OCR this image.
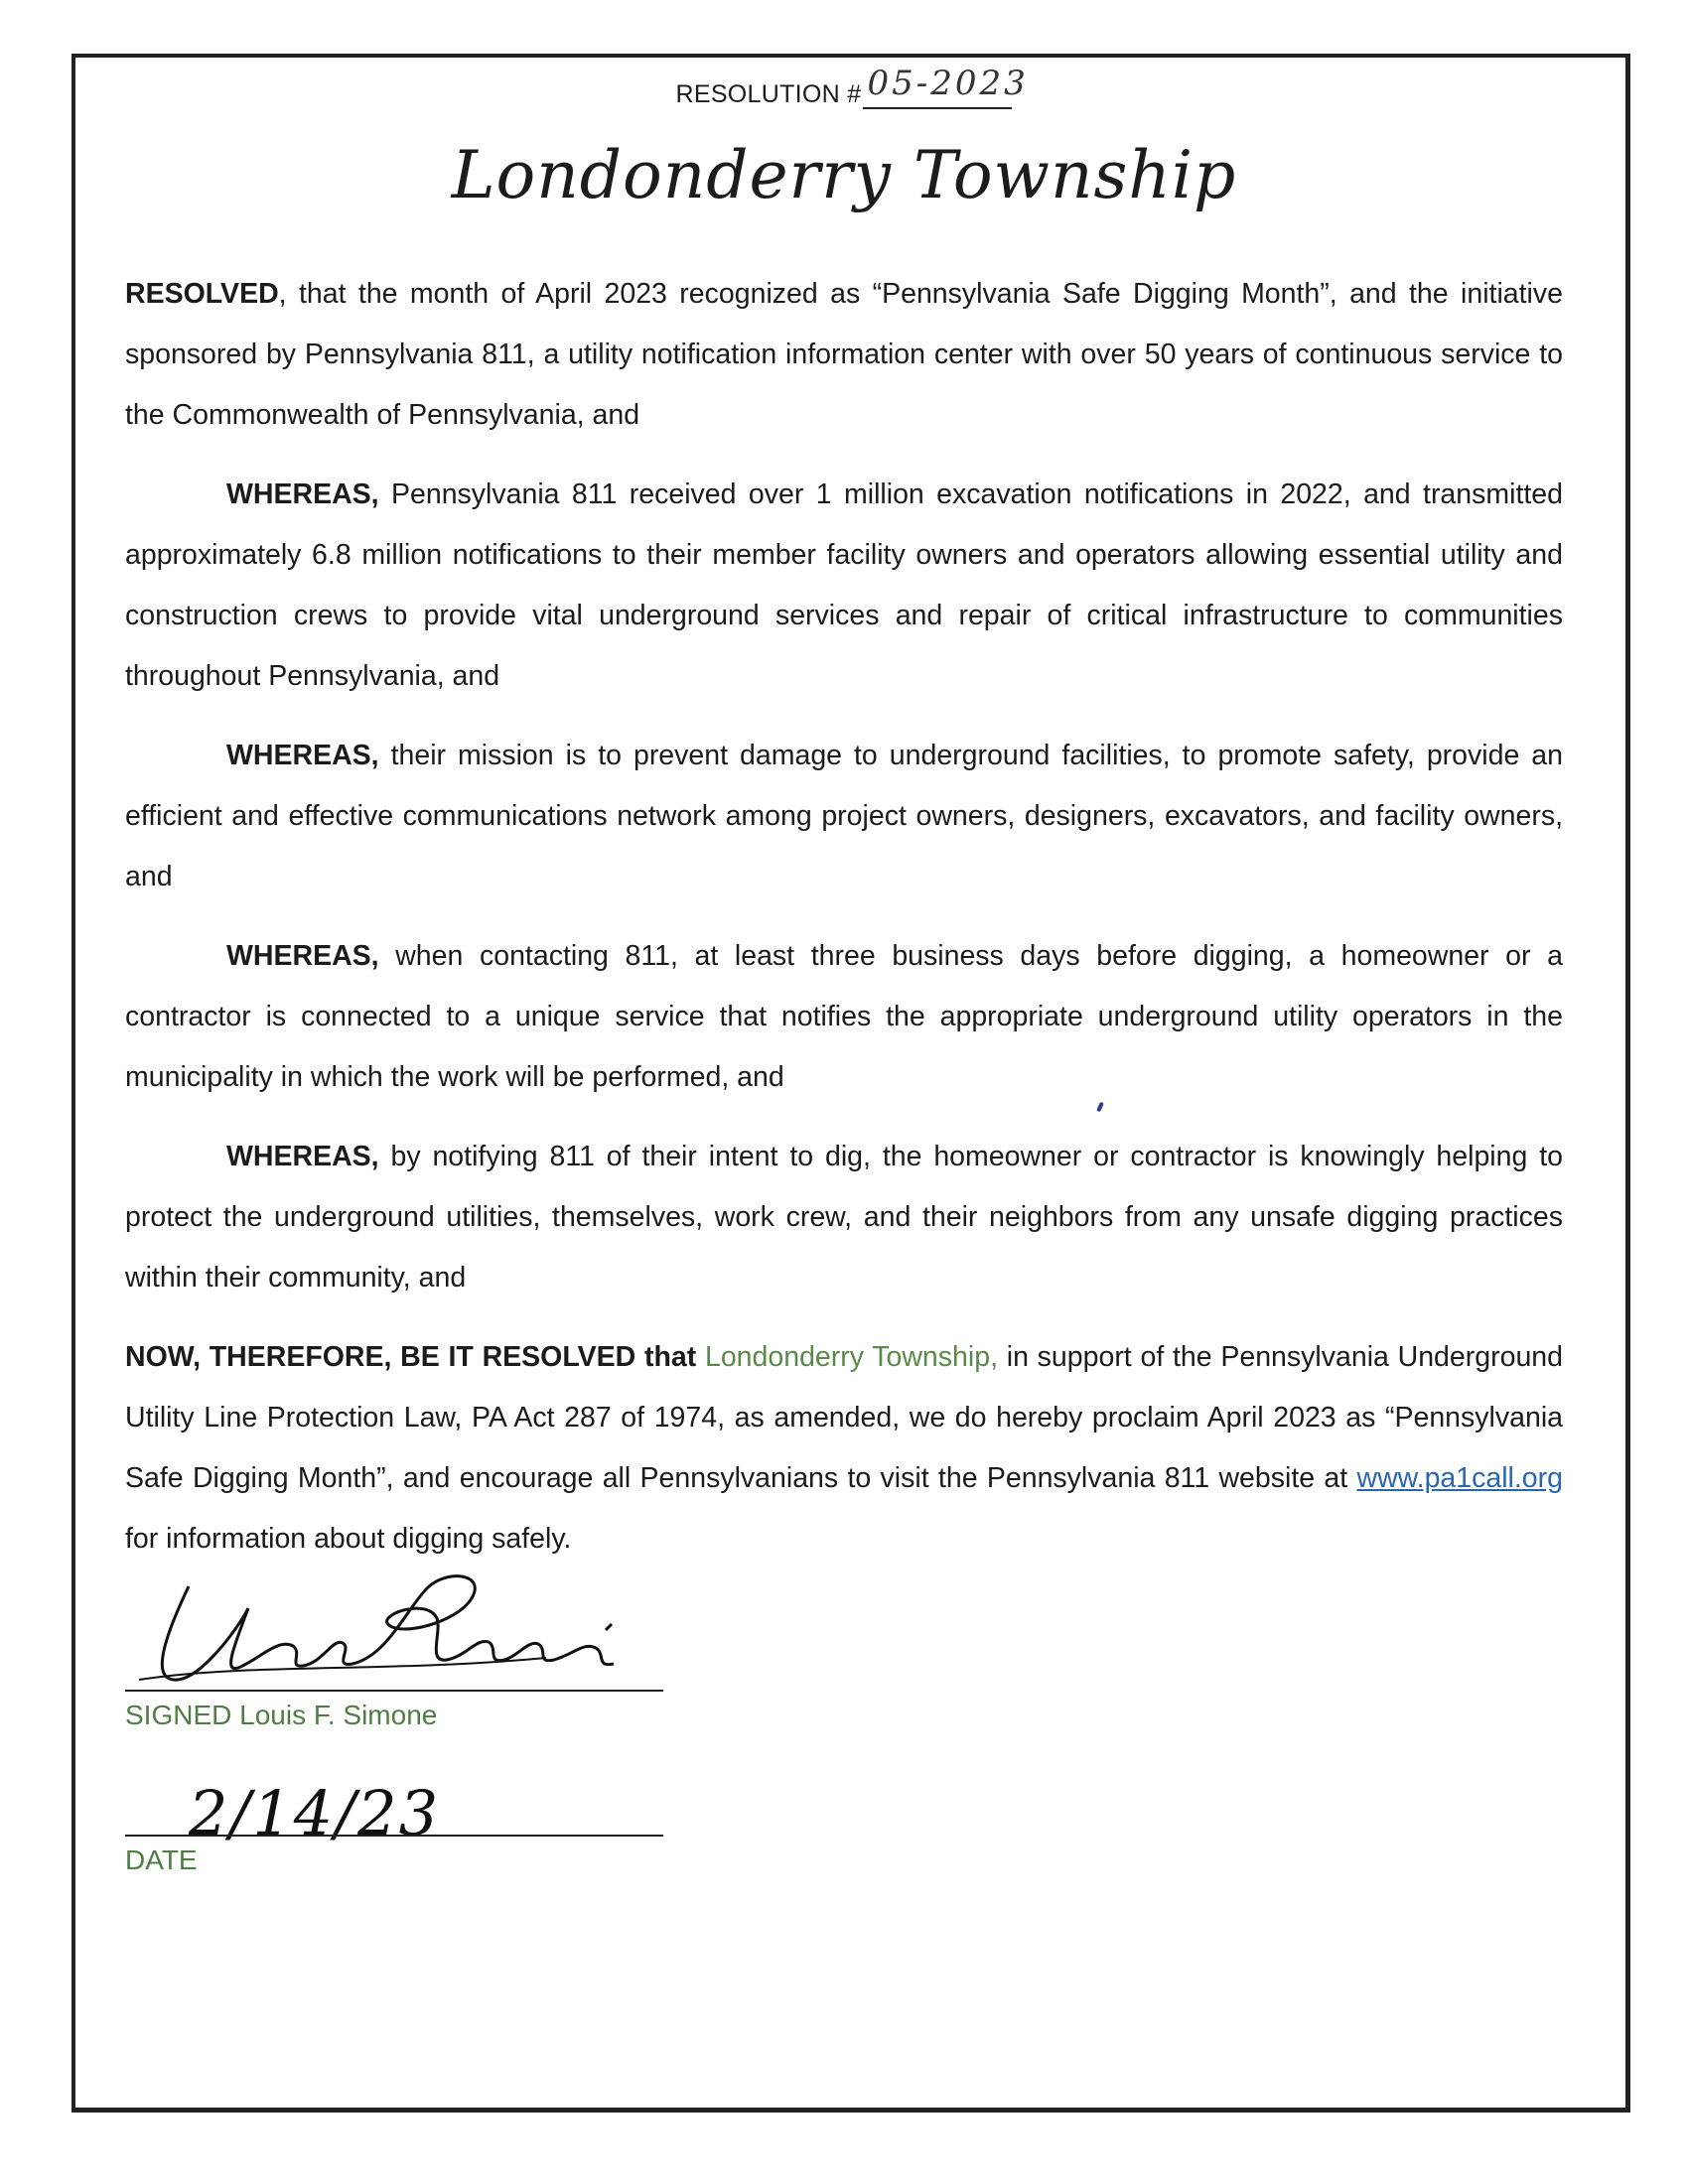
RESOLUTION # 05-2023
Londonderry Township

RESOLVED, that the month of April 2023 recognized as “Pennsylvania Safe Digging Month”, and the initiative sponsored by Pennsylvania 811, a utility notification information center with over 50 years of continuous service to the Commonwealth of Pennsylvania, and

WHEREAS, Pennsylvania 811 received over 1 million excavation notifications in 2022, and transmitted approximately 6.8 million notifications to their member facility owners and operators allowing essential utility and construction crews to provide vital underground services and repair of critical infrastructure to communities throughout Pennsylvania, and

WHEREAS, their mission is to prevent damage to underground facilities, to promote safety, provide an efficient and effective communications network among project owners, designers, excavators, and facility owners, and

WHEREAS, when contacting 811, at least three business days before digging, a homeowner or a contractor is connected to a unique service that notifies the appropriate underground utility operators in the municipality in which the work will be performed, and

WHEREAS, by notifying 811 of their intent to dig, the homeowner or contractor is knowingly helping to protect the underground utilities, themselves, work crew, and their neighbors from any unsafe digging practices within their community, and

NOW, THEREFORE, BE IT RESOLVED that Londonderry Township, in support of the Pennsylvania Underground Utility Line Protection Law, PA Act 287 of 1974, as amended, we do hereby proclaim April 2023 as “Pennsylvania Safe Digging Month”, and encourage all Pennsylvanians to visit the Pennsylvania 811 website at www.pa1call.org for information about digging safely.

SIGNED Louis F. Simone
2/14/23
DATE
